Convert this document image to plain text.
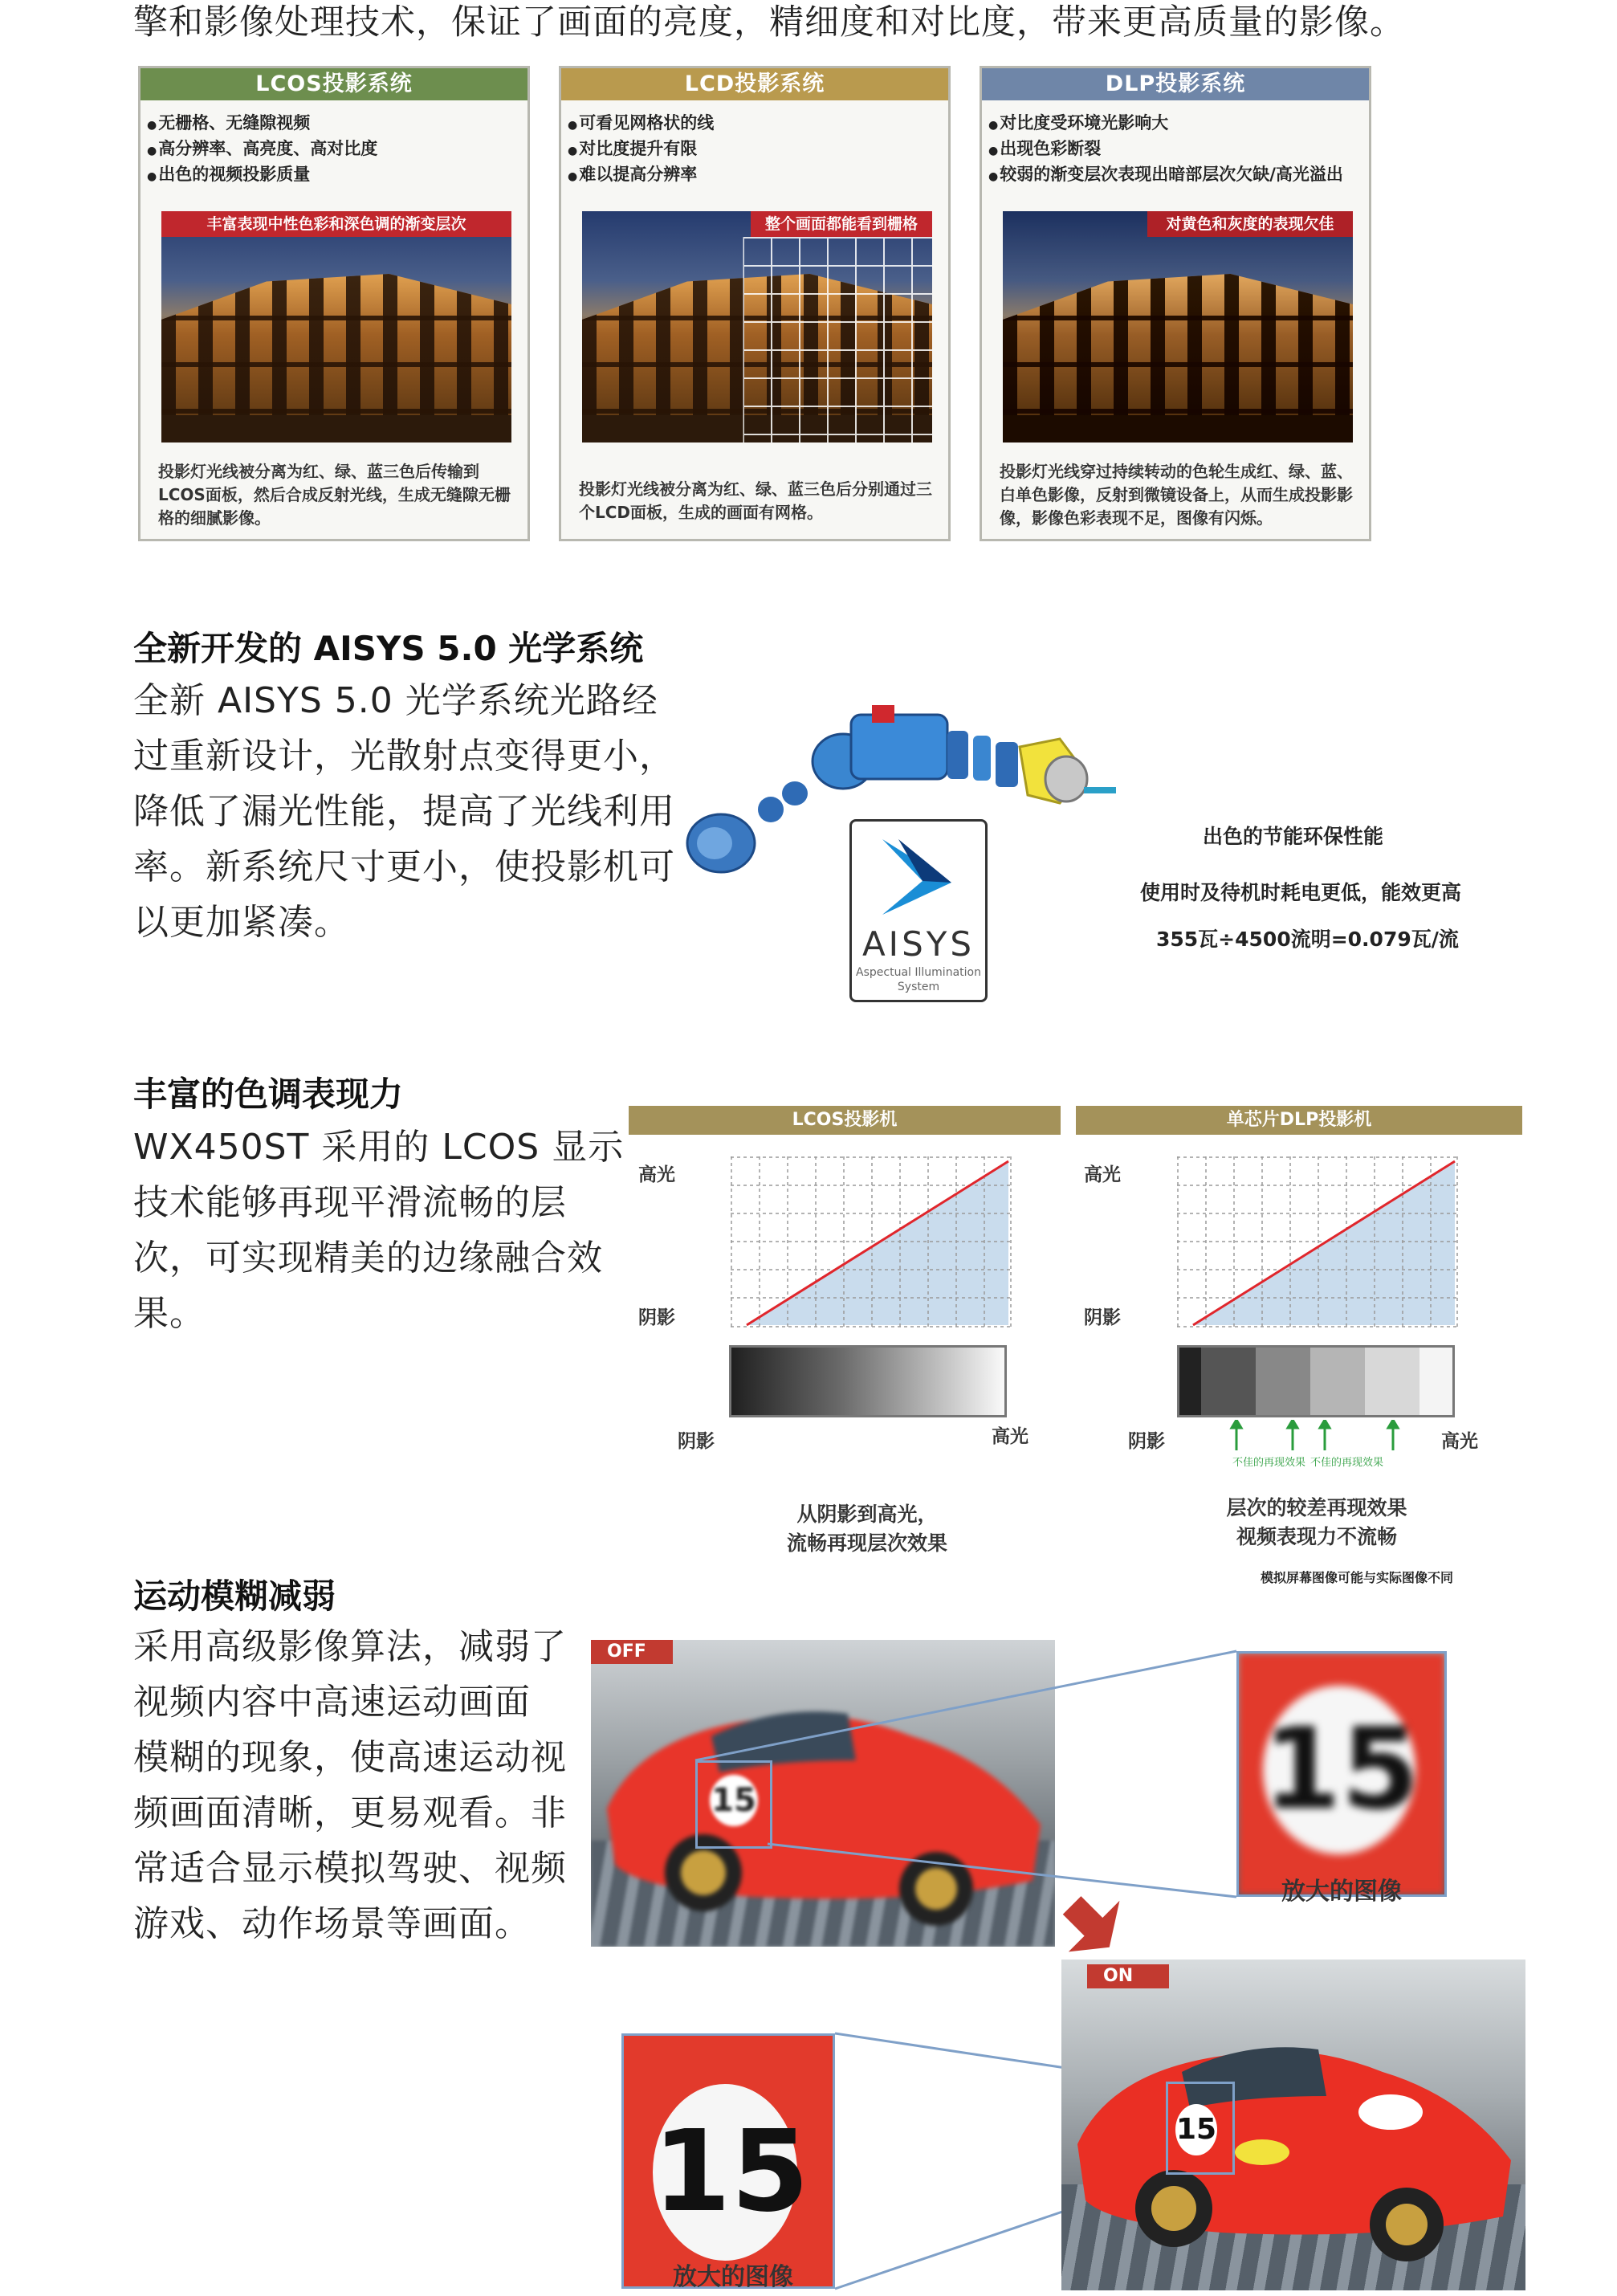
擎和影像处理技术，保证了画面的亮度，精细度和对比度，带来更高质量的影像。
LCOS投影系统
● 无栅格、无缝隙视频
● 高分辨率、高亮度、高对比度
● 出色的视频投影质量
丰富表现中性色彩和深色调的渐变层次
投影灯光线被分离为红、绿、蓝三色后传输到LCOS面板，然后合成反射光线，生成无缝隙无栅格的细腻影像。
LCD投影系统
● 可看见网格状的线
● 对比度提升有限
● 难以提高分辨率
整个画面都能看到栅格
投影灯光线被分离为红、绿、蓝三色后分别通过三个LCD面板，生成的画面有网格。
DLP投影系统
● 对比度受环境光影响大
● 出现色彩断裂
● 较弱的渐变层次表现出暗部层次欠缺/高光溢出
对黄色和灰度的表现欠佳
投影灯光线穿过持续转动的色轮生成红、绿、蓝、白单色影像，反射到微镜设备上，从而生成投影影像，影像色彩表现不足，图像有闪烁。
全新开发的 AISYS 5.0 光学系统
全新 AISYS 5.0 光学系统光路经
过重新设计，光散射点变得更小，
降低了漏光性能，提高了光线利用
率。新系统尺寸更小，使投影机可
以更加紧凑。
AISYS
Aspectual Illumination
System
出色的节能环保性能
使用时及待机时耗电更低，能效更高
355瓦÷4500流明=0.079瓦/流
丰富的色调表现力
WX450ST 采用的 LCOS 显示
技术能够再现平滑流畅的层
次，可实现精美的边缘融合效
果。
LCOS投影机
高光
阴影
阴影	高光
从阴影到高光，
流畅再现层次效果
单芯片DLP投影机
高光
阴影
不佳的再现效果 不佳的再现效果
阴影	高光
层次的较差再现效果
视频表现力不流畅
模拟屏幕图像可能与实际图像不同
运动模糊减弱
采用高级影像算法，减弱了
视频内容中高速运动画面
模糊的现象，使高速运动视
频画面清晰，更易观看。非
常适合显示模拟驾驶、视频
游戏、动作场景等画面。
15
OFF
15
放大的图像
15
ON
15
放大的图像
